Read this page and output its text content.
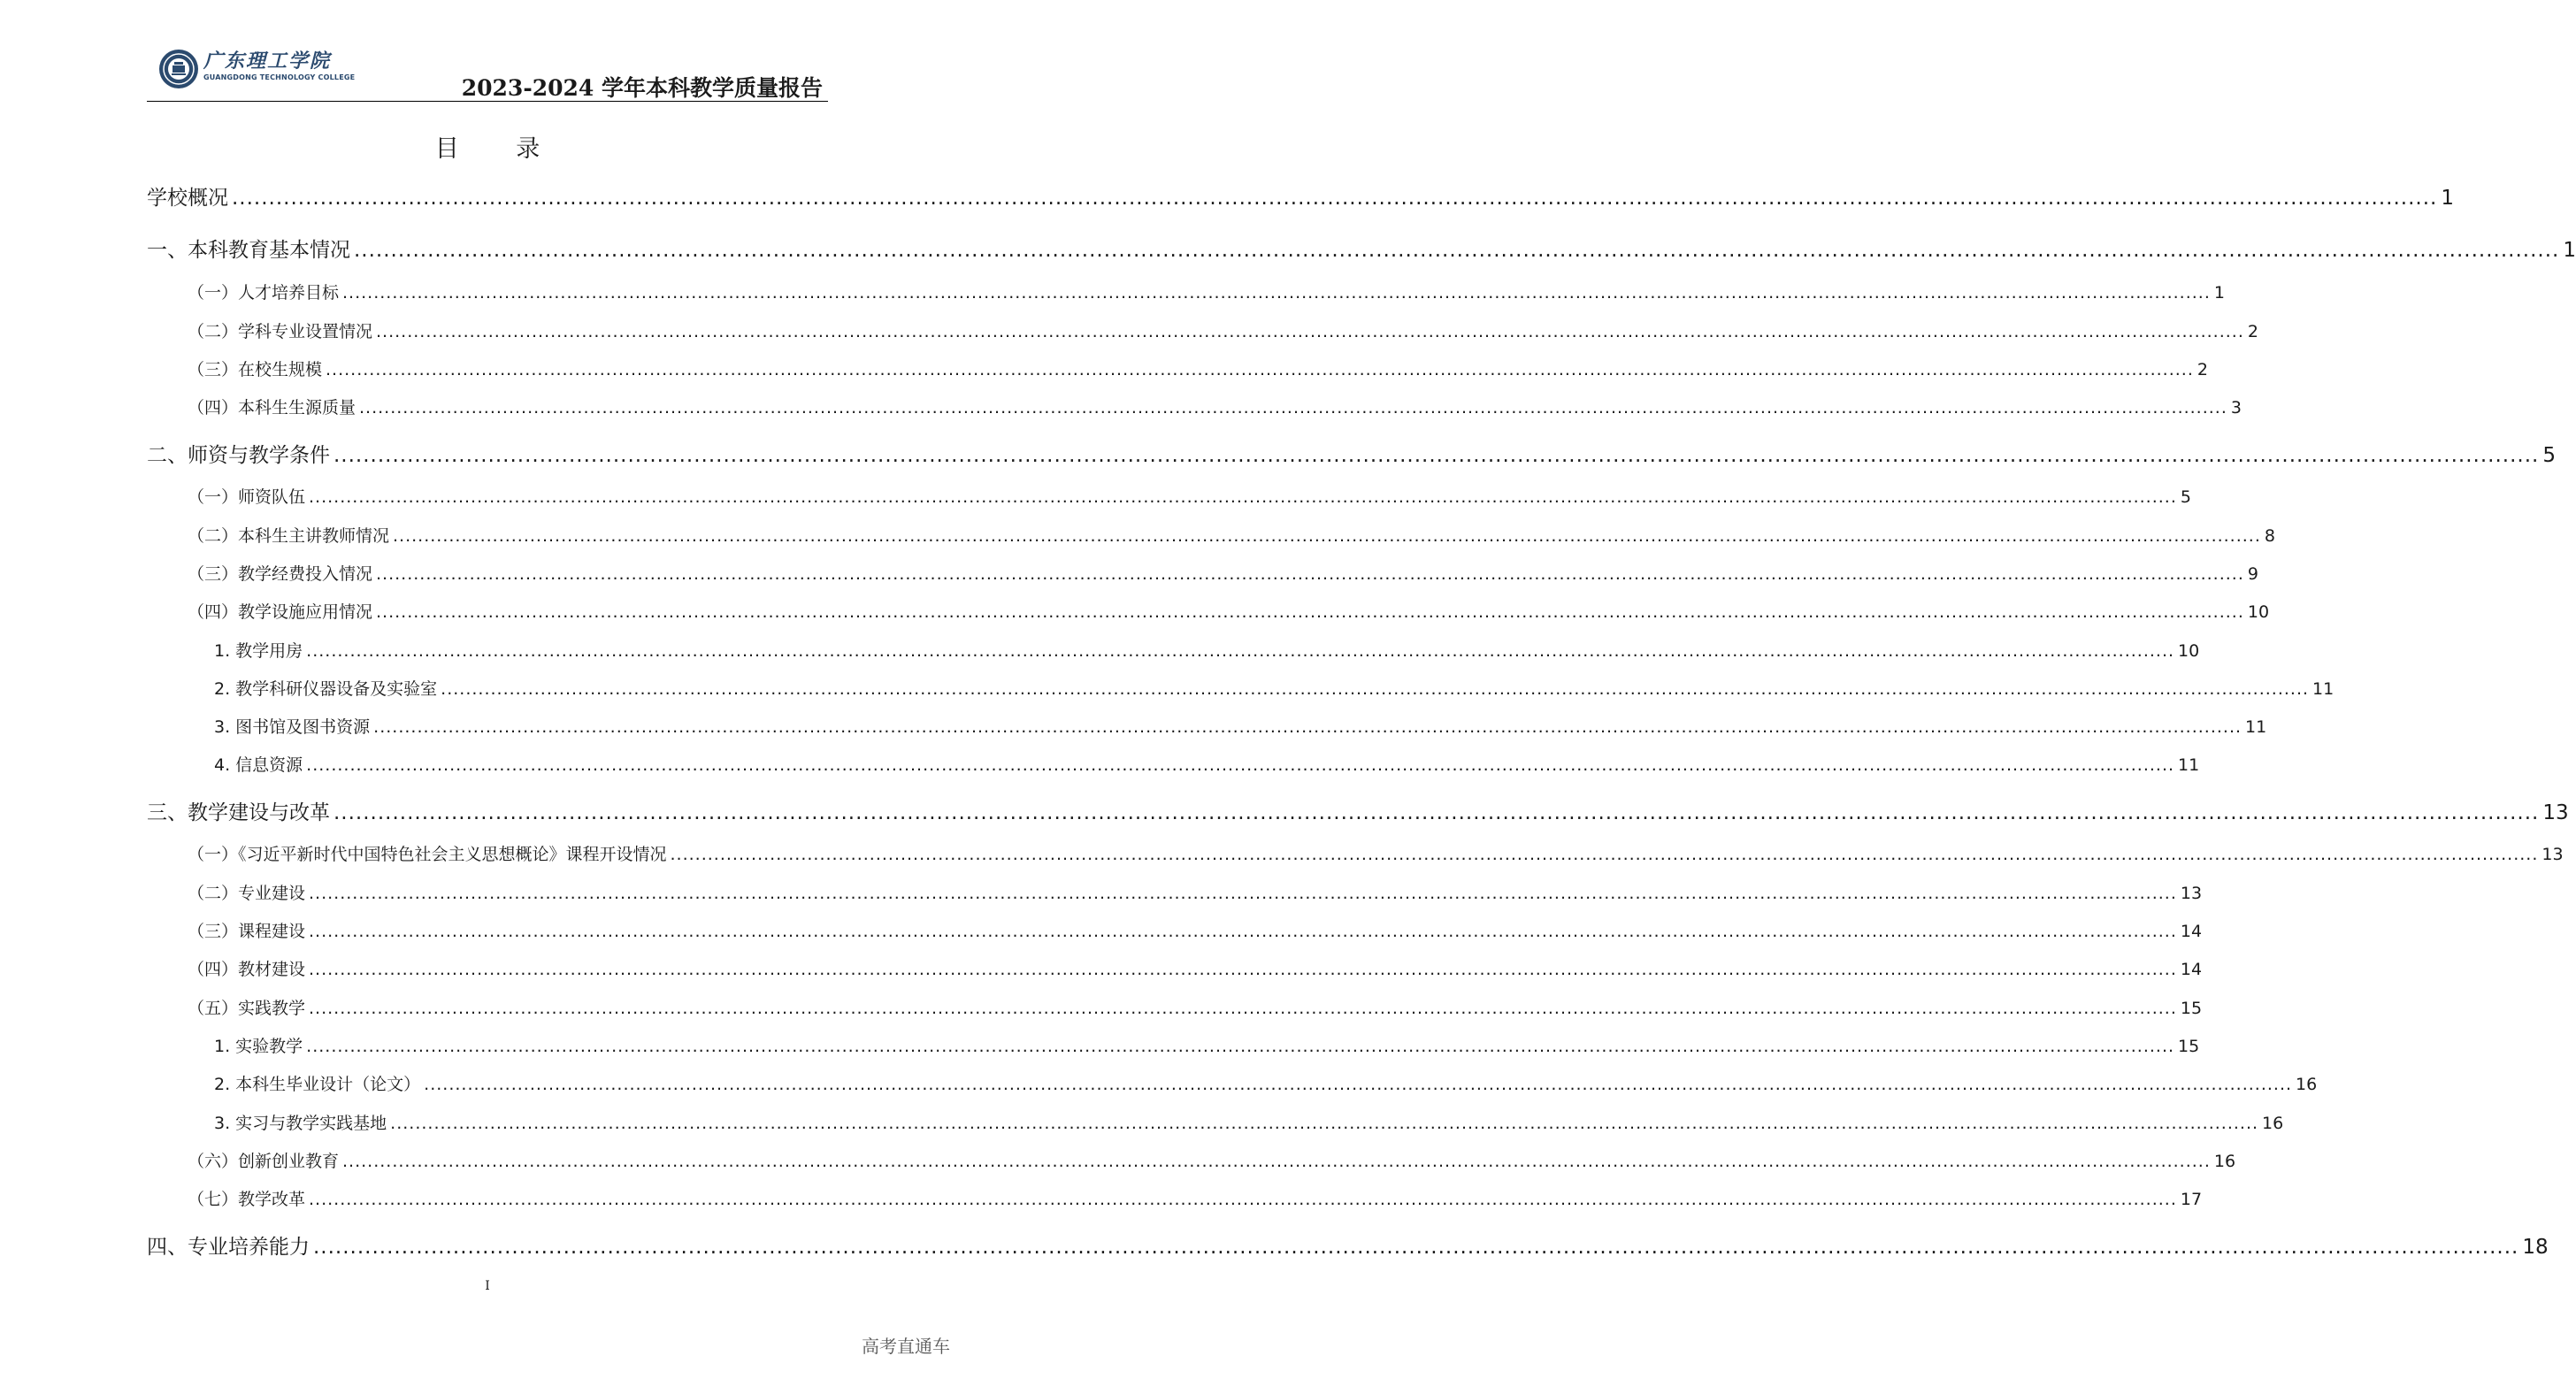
广东理工学院
GUANGDONG TECHNOLOGY COLLEGE	2023-2024 学年本科教学质量报告
目 录
学校概况 ............................................................................................................................................................................................................................................................................................................ 1
一、本科教育基本情况 ............................................................................................................................................................................................................................................................................................................ 1
（一）人才培养目标 ............................................................................................................................................................................................................................................................................................................ 1
（二）学科专业设置情况 ............................................................................................................................................................................................................................................................................................................ 2
（三）在校生规模 ............................................................................................................................................................................................................................................................................................................ 2
（四）本科生生源质量 ............................................................................................................................................................................................................................................................................................................ 3
二、师资与教学条件 ............................................................................................................................................................................................................................................................................................................ 5
（一）师资队伍 ............................................................................................................................................................................................................................................................................................................ 5
（二）本科生主讲教师情况 ............................................................................................................................................................................................................................................................................................................ 8
（三）教学经费投入情况 ............................................................................................................................................................................................................................................................................................................ 9
（四）教学设施应用情况 ............................................................................................................................................................................................................................................................................................................ 10
1. 教学用房 ............................................................................................................................................................................................................................................................................................................ 10
2. 教学科研仪器设备及实验室 ............................................................................................................................................................................................................................................................................................................ 11
3. 图书馆及图书资源 ............................................................................................................................................................................................................................................................................................................ 11
4. 信息资源 ............................................................................................................................................................................................................................................................................................................ 11
三、教学建设与改革 ............................................................................................................................................................................................................................................................................................................ 13
（一）《习近平新时代中国特色社会主义思想概论》课程开设情况 ............................................................................................................................................................................................................................................................................................................ 13
（二）专业建设 ............................................................................................................................................................................................................................................................................................................ 13
（三）课程建设 ............................................................................................................................................................................................................................................................................................................ 14
（四）教材建设 ............................................................................................................................................................................................................................................................................................................ 14
（五）实践教学 ............................................................................................................................................................................................................................................................................................................ 15
1. 实验教学 ............................................................................................................................................................................................................................................................................................................ 15
2. 本科生毕业设计（论文） ............................................................................................................................................................................................................................................................................................................ 16
3. 实习与教学实践基地 ............................................................................................................................................................................................................................................................................................................ 16
（六）创新创业教育 ............................................................................................................................................................................................................................................................................................................ 16
（七）教学改革 ............................................................................................................................................................................................................................................................................................................ 17
四、专业培养能力 ............................................................................................................................................................................................................................................................................................................ 18
I
高考直通车
